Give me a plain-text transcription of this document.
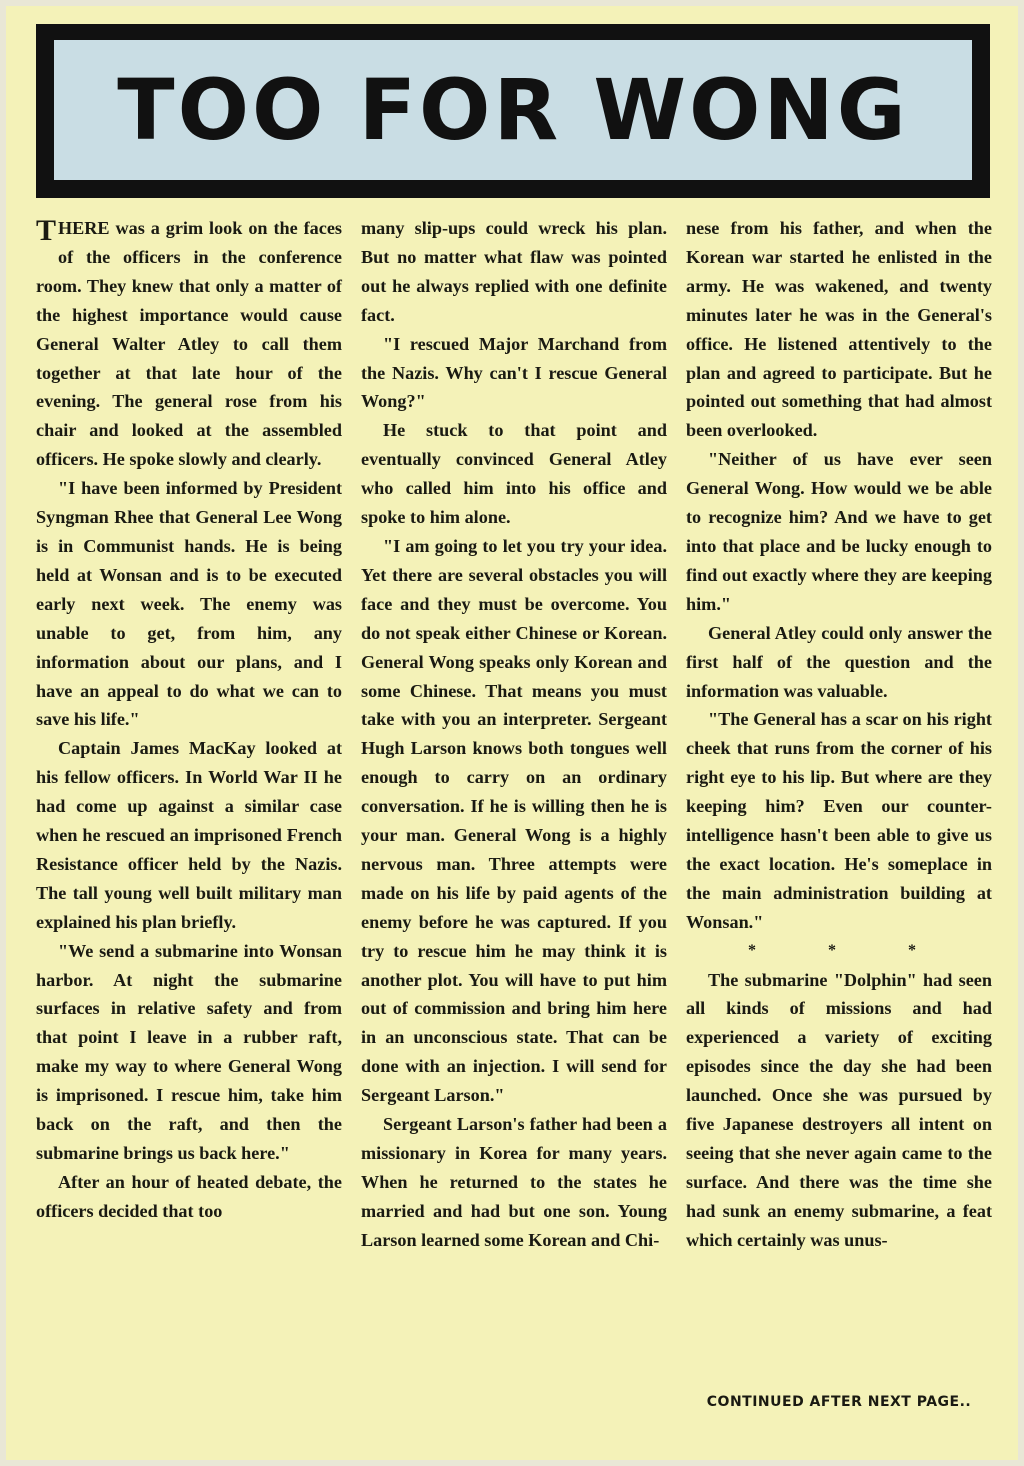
TOO FOR WONG

THERE was a grim look on the faces of the officers in the conference room. They knew that only a matter of the highest importance would cause General Walter Atley to call them together at that late hour of the evening. The general rose from his chair and looked at the assembled officers. He spoke slowly and clearly.

"I have been informed by President Syngman Rhee that General Lee Wong is in Communist hands. He is being held at Wonsan and is to be executed early next week. The enemy was unable to get, from him, any information about our plans, and I have an appeal to do what we can to save his life."

Captain James MacKay looked at his fellow officers. In World War II he had come up against a similar case when he rescued an imprisoned French Resistance officer held by the Nazis. The tall young well built military man explained his plan briefly.

"We send a submarine into Wonsan harbor. At night the submarine surfaces in relative safety and from that point I leave in a rubber raft, make my way to where General Wong is imprisoned. I rescue him, take him back on the raft, and then the submarine brings us back here."

After an hour of heated debate, the officers decided that too

many slip-ups could wreck his plan. But no matter what flaw was pointed out he always replied with one definite fact.

"I rescued Major Marchand from the Nazis. Why can't I rescue General Wong?"

He stuck to that point and eventually convinced General Atley who called him into his office and spoke to him alone.

"I am going to let you try your idea. Yet there are several obstacles you will face and they must be overcome. You do not speak either Chinese or Korean. General Wong speaks only Korean and some Chinese. That means you must take with you an interpreter. Sergeant Hugh Larson knows both tongues well enough to carry on an ordinary conversation. If he is willing then he is your man. General Wong is a highly nervous man. Three attempts were made on his life by paid agents of the enemy before he was captured. If you try to rescue him he may think it is another plot. You will have to put him out of commission and bring him here in an unconscious state. That can be done with an injection. I will send for Sergeant Larson."

Sergeant Larson's father had been a missionary in Korea for many years. When he returned to the states he married and had but one son. Young Larson learned some Korean and Chi-

nese from his father, and when the Korean war started he enlisted in the army. He was wakened, and twenty minutes later he was in the General's office. He listened attentively to the plan and agreed to participate. But he pointed out something that had almost been overlooked.

"Neither of us have ever seen General Wong. How would we be able to recognize him? And we have to get into that place and be lucky enough to find out exactly where they are keeping him."

General Atley could only answer the first half of the question and the information was valuable.

"The General has a scar on his right cheek that runs from the corner of his right eye to his lip. But where are they keeping him? Even our counter-intelligence hasn't been able to give us the exact location. He's someplace in the main administration building at Wonsan."

* * *

The submarine "Dolphin" had seen all kinds of missions and had experienced a variety of exciting episodes since the day she had been launched. Once she was pursued by five Japanese destroyers all intent on seeing that she never again came to the surface. And there was the time she had sunk an enemy submarine, a feat which certainly was unus-

CONTINUED AFTER NEXT PAGE..
